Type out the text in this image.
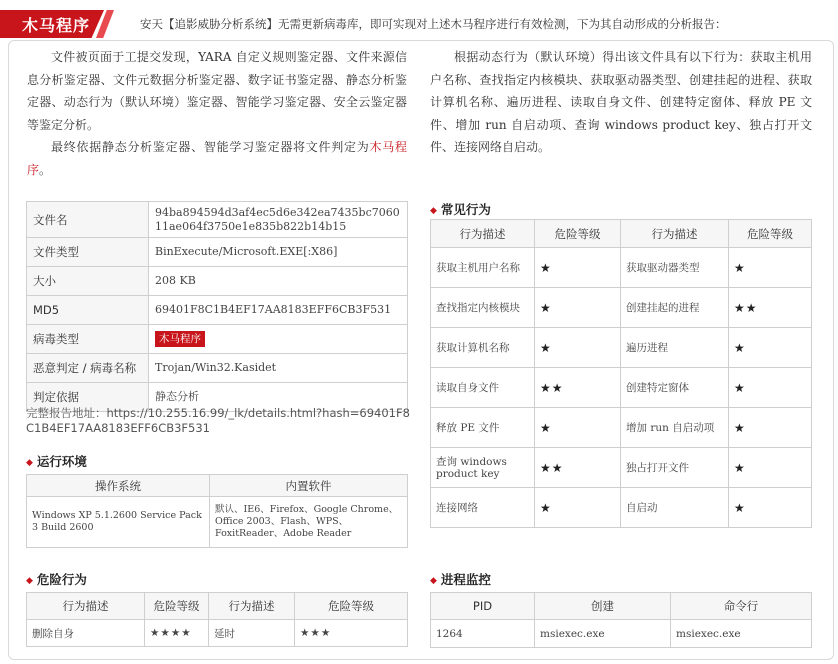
木马程序	安天【追影威胁分析系统】无需更新病毒库，即可实现对上述木马程序进行有效检测，下为其自动形成的分析报告：

文件被页面于工提交发现，YARA 自定义规则鉴定器、文件来源信息分析鉴定器、文件元数据分析鉴定器、数字证书鉴定器、静态分析鉴定器、动态行为（默认环境）鉴定器、智能学习鉴定器、安全云鉴定器等鉴定分析。

最终依据静态分析鉴定器、智能学习鉴定器将文件判定为木马程序。

根据动态行为（默认环境）得出该文件具有以下行为：获取主机用户名称、查找指定内核模块、获取驱动器类型、创建挂起的进程、获取计算机名称、遍历进程、读取自身文件、创建特定窗体、释放 PE 文件、增加 run 自启动项、查询 windows product key、独占打开文件、连接网络自启动。

文件名	94ba894594d3af4ec5d6e342ea7435bc706011ae064f3750e1e835b822b14b15
文件类型	BinExecute/Microsoft.EXE[:X86]
大小	208 KB
MD5	69401F8C1B4EF17AA8183EFF6CB3F531
病毒类型	木马程序
恶意判定 / 病毒名称	Trojan/Win32.Kasidet
判定依据	静态分析
完整报告地址：https://10.255.16.99/_lk/details.html?hash=69401F8C1B4EF17AA8183EFF6CB3F531
◆ 运行环境
操作系统	内置软件
Windows XP 5.1.2600 Service Pack 3 Build 2600	默认、IE6、Firefox、Google Chrome、Office 2003、Flash、WPS、FoxitReader、Adobe Reader
◆ 危险行为
行为描述	危险等级	行为描述	危险等级
删除自身	★★★★	延时	★★★
◆ 常见行为
行为描述	危险等级	行为描述	危险等级
获取主机用户名称	★	获取驱动器类型	★
查找指定内核模块	★	创建挂起的进程	★★
获取计算机名称	★	遍历进程	★
读取自身文件	★★	创建特定窗体	★
释放 PE 文件	★	增加 run 自启动项	★
查询 windows product key	★★	独占打开文件	★
连接网络	★	自启动	★
◆ 进程监控
PID	创建	命令行
1264	msiexec.exe	msiexec.exe
